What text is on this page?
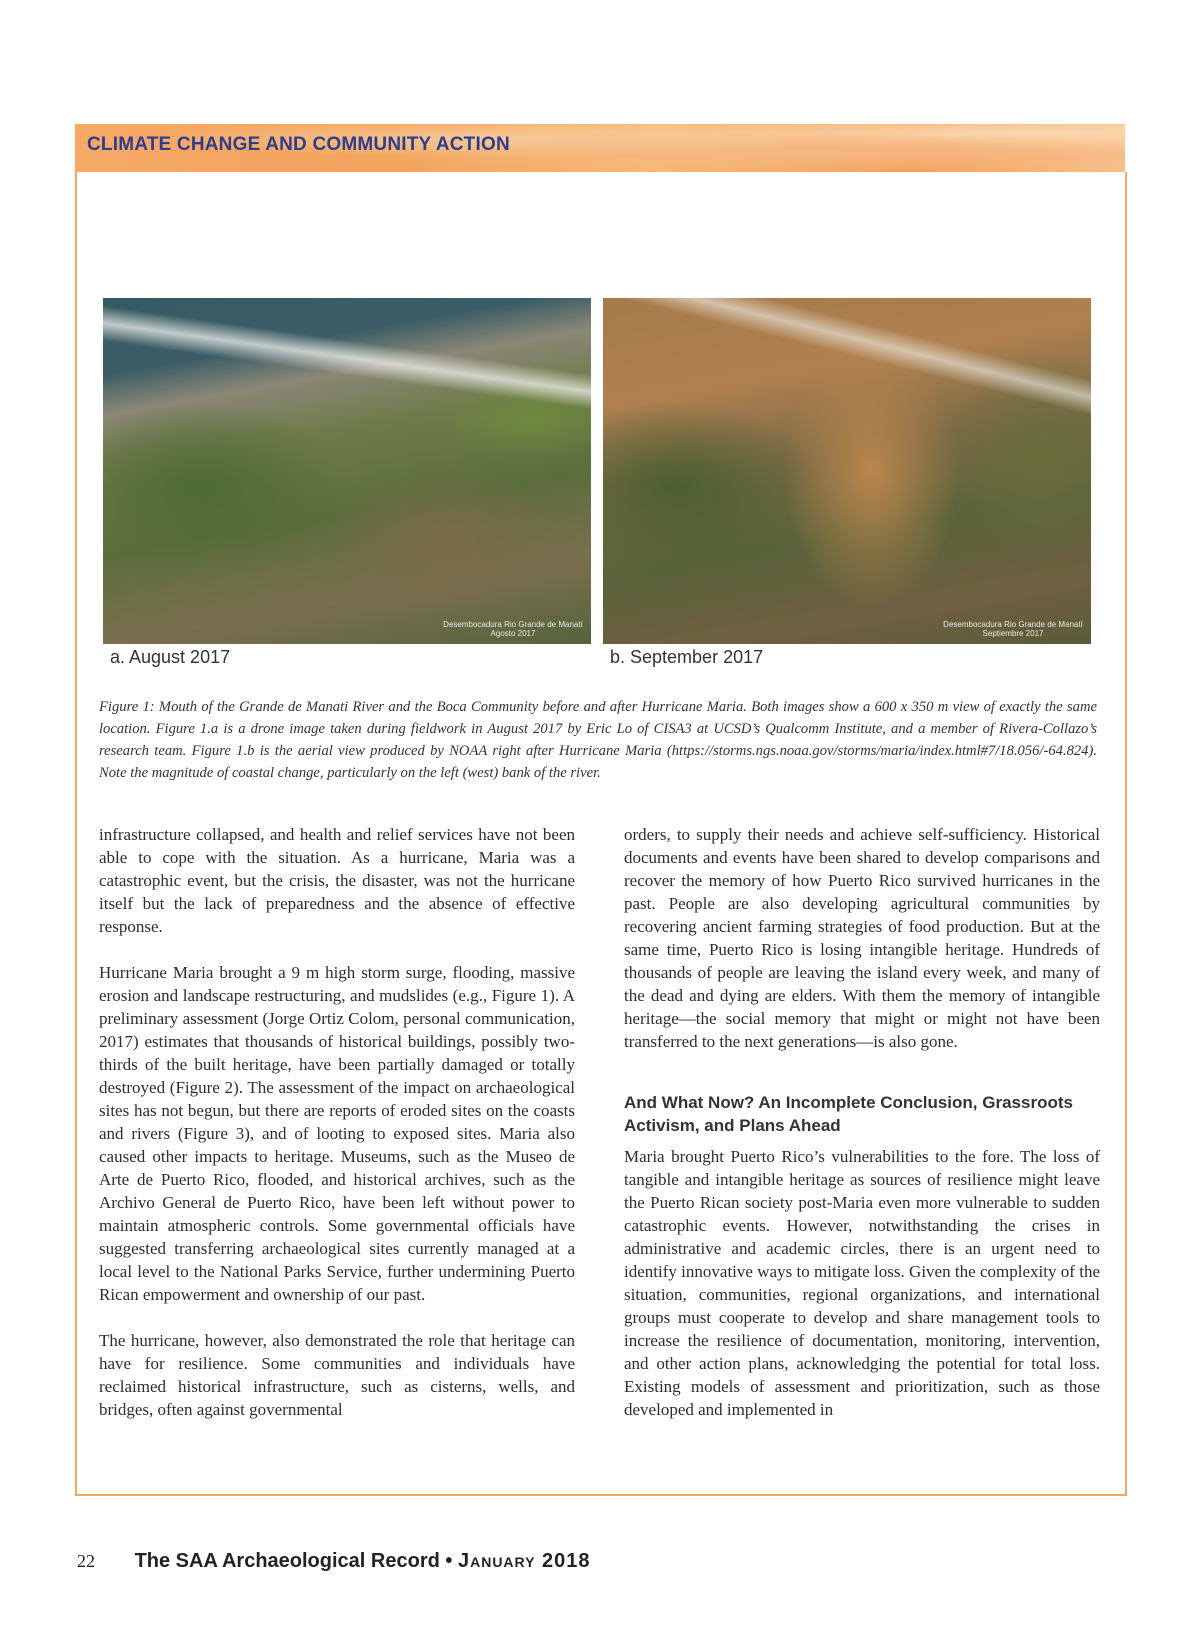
CLIMATE CHANGE AND COMMUNITY ACTION
Desembocadura Rio Grande de Manatí
Agosto 2017
Desembocadura Rio Grande de Manatí
Septiembre 2017
a. August 2017	b. September 2017
Figure 1: Mouth of the Grande de Manati River and the Boca Community before and after Hurricane Maria. Both images show a 600 x 350 m view of exactly the same location. Figure 1.a is a drone image taken during fieldwork in August 2017 by Eric Lo of CISA3 at UCSD’s Qualcomm Institute, and a member of Rivera-Collazo’s research team. Figure 1.b is the aerial view produced by NOAA right after Hurricane Maria (https://storms.ngs.noaa.gov/storms/maria/index.html#7/18.056/-64.824). Note the magnitude of coastal change, particularly on the left (west) bank of the river.

infrastructure collapsed, and health and relief services have not been able to cope with the situation. As a hurricane, Maria was a catastrophic event, but the crisis, the disaster, was not the hurricane itself but the lack of preparedness and the absence of effective response.

Hurricane Maria brought a 9 m high storm surge, flooding, massive erosion and landscape restructuring, and mudslides (e.g., Figure 1). A preliminary assessment (Jorge Ortiz Colom, personal communication, 2017) estimates that thousands of historical buildings, possibly two-thirds of the built heritage, have been partially damaged or totally destroyed (Figure 2). The assessment of the impact on archaeological sites has not begun, but there are reports of eroded sites on the coasts and rivers (Figure 3), and of looting to exposed sites. Maria also caused other impacts to heritage. Museums, such as the Museo de Arte de Puerto Rico, flooded, and historical archives, such as the Archivo General de Puerto Rico, have been left without power to maintain atmospheric controls. Some governmental officials have suggested transferring archaeological sites currently managed at a local level to the National Parks Service, further undermining Puerto Rican empowerment and ownership of our past.

The hurricane, however, also demonstrated the role that heritage can have for resilience. Some communities and individuals have reclaimed historical infrastructure, such as cisterns, wells, and bridges, often against governmental

orders, to supply their needs and achieve self-sufficiency. Historical documents and events have been shared to develop comparisons and recover the memory of how Puerto Rico survived hurricanes in the past. People are also developing agricultural communities by recovering ancient farming strategies of food production. But at the same time, Puerto Rico is losing intangible heritage. Hundreds of thousands of people are leaving the island every week, and many of the dead and dying are elders. With them the memory of intangible heritage—the social memory that might or might not have been transferred to the next generations—is also gone.

And What Now? An Incomplete Conclusion, Grassroots Activism, and Plans Ahead

Maria brought Puerto Rico’s vulnerabilities to the fore. The loss of tangible and intangible heritage as sources of resilience might leave the Puerto Rican society post-Maria even more vulnerable to sudden catastrophic events. However, notwithstanding the crises in administrative and academic circles, there is an urgent need to identify innovative ways to mitigate loss. Given the complexity of the situation, communities, regional organizations, and international groups must cooperate to develop and share management tools to increase the resilience of documentation, monitoring, intervention, and other action plans, acknowledging the potential for total loss. Existing models of assessment and prioritization, such as those developed and implemented in

22 The SAA Archaeological Record • January 2018
